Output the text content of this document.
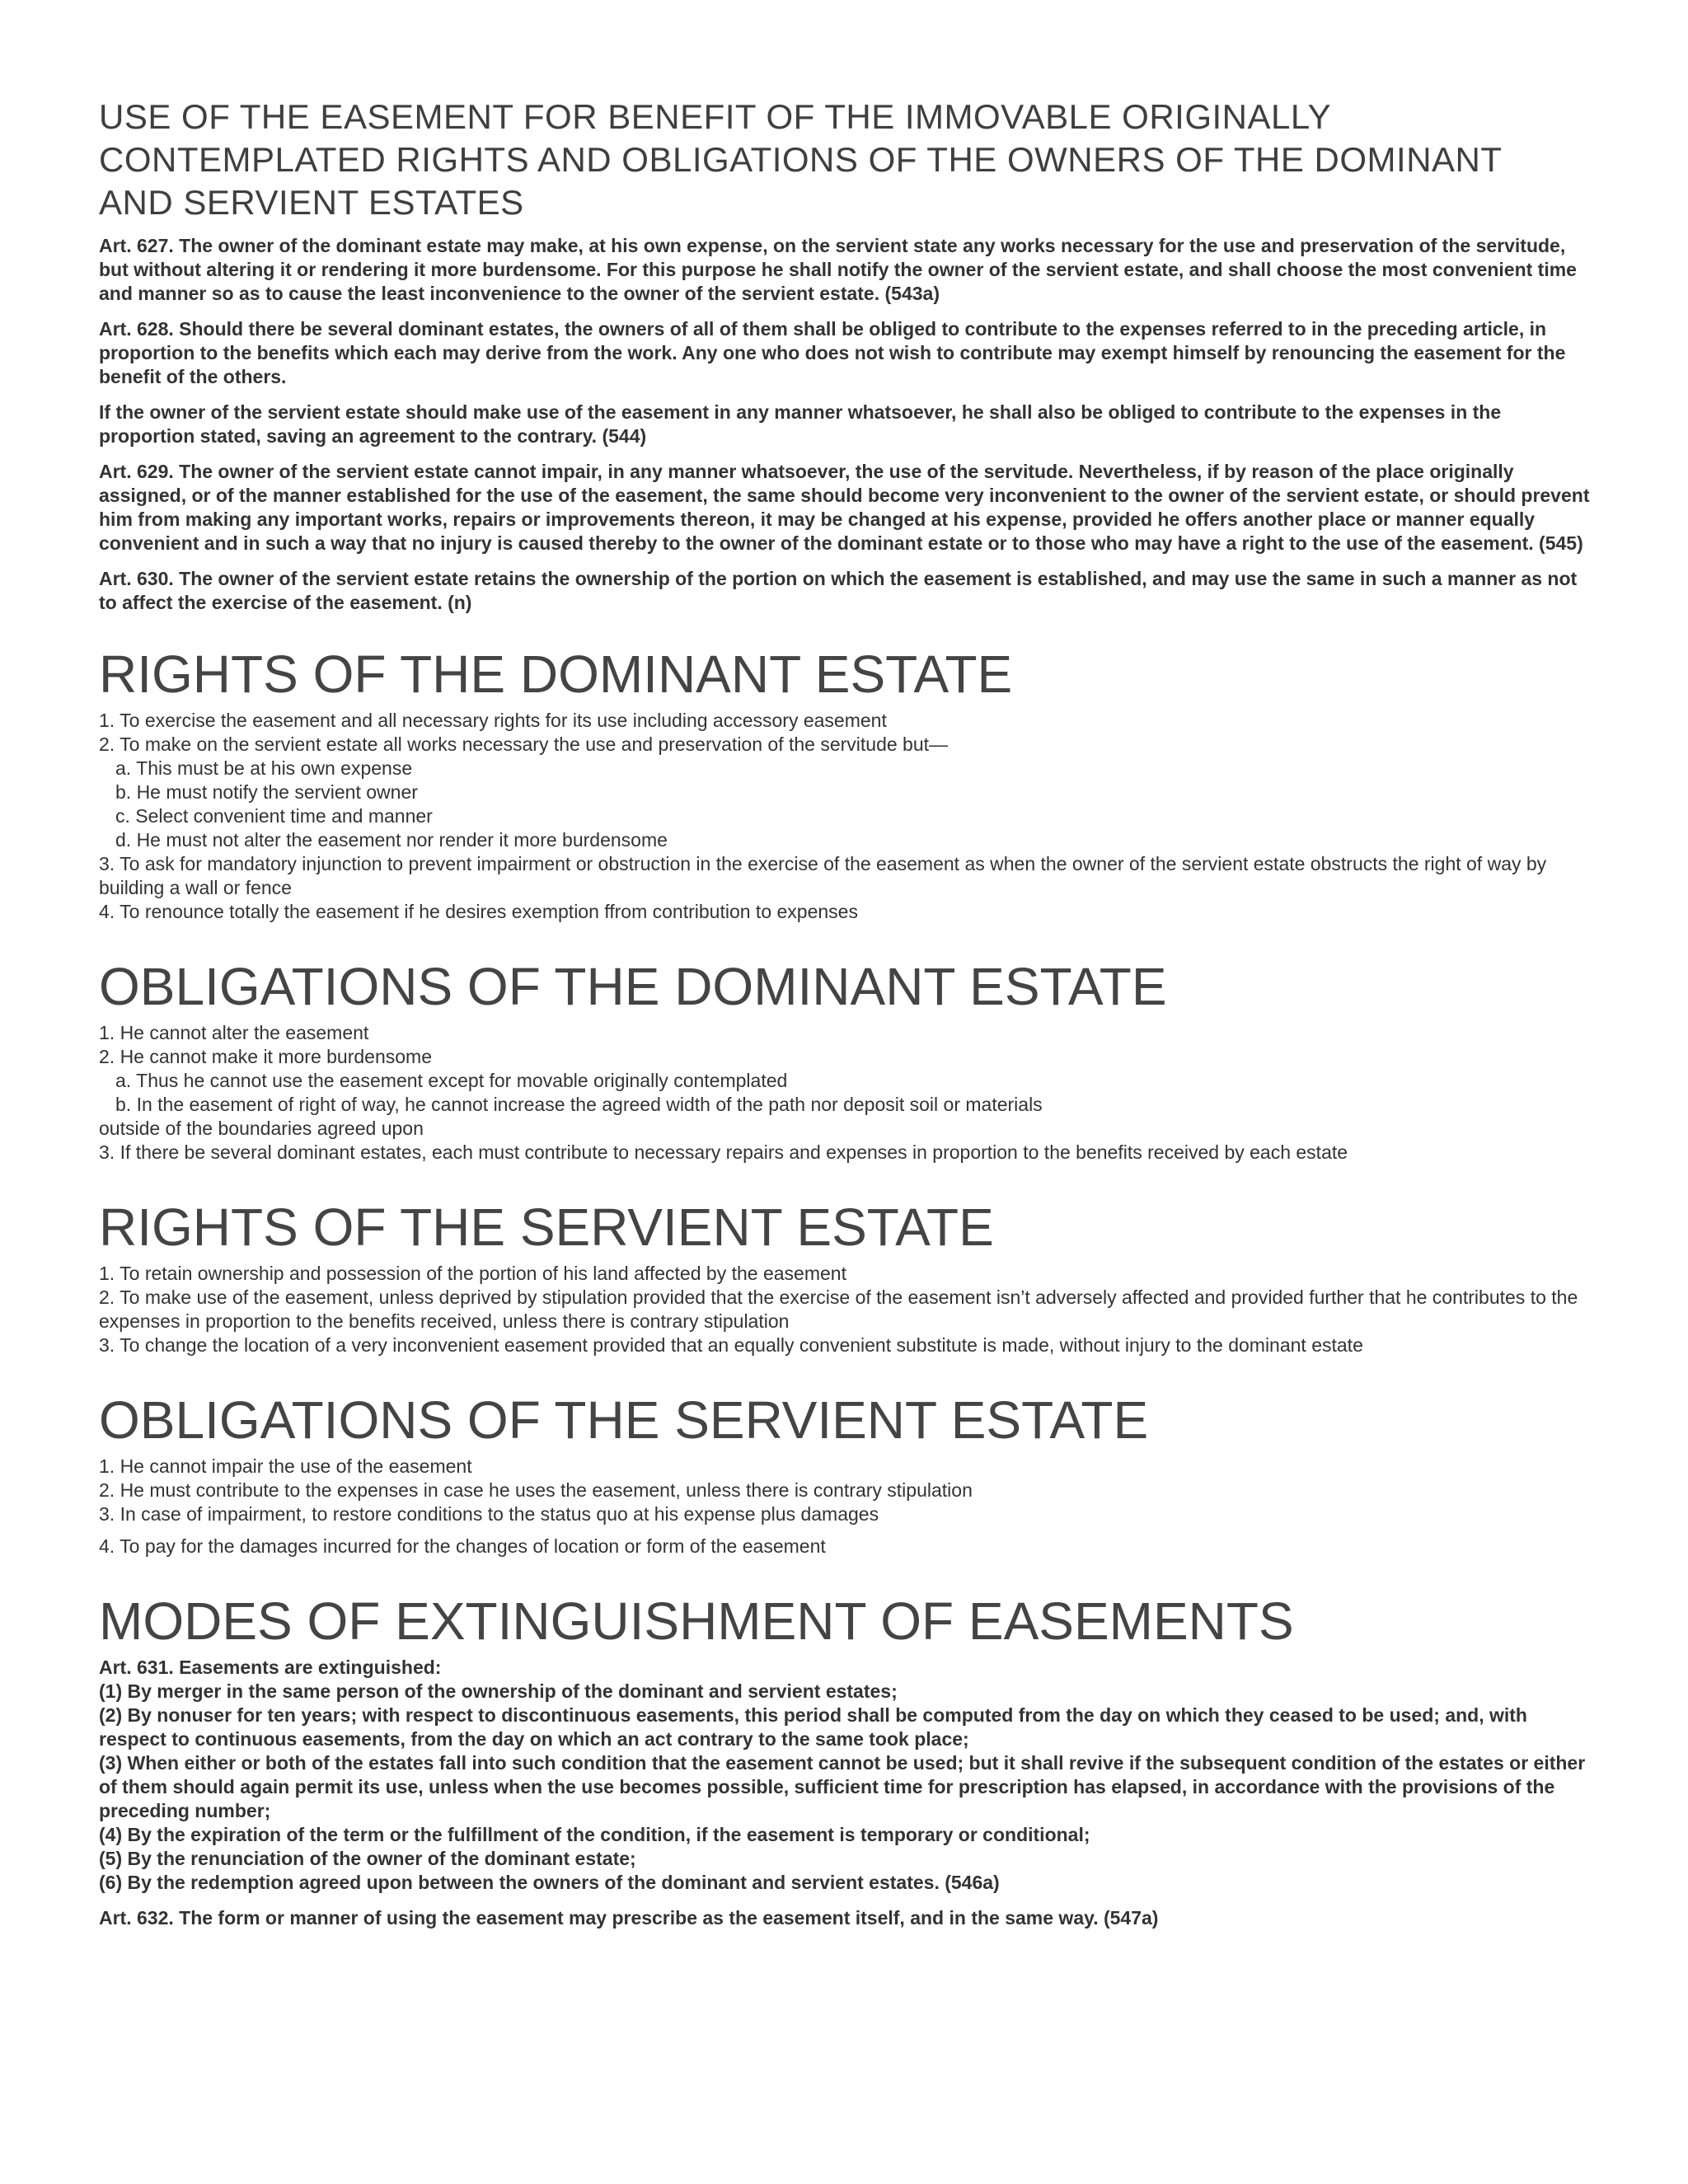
USE OF THE EASEMENT FOR BENEFIT OF THE IMMOVABLE ORIGINALLY
CONTEMPLATED RIGHTS AND OBLIGATIONS OF THE OWNERS OF THE DOMINANT
AND SERVIENT ESTATES

Art. 627. The owner of the dominant estate may make, at his own expense, on the servient state any works necessary for the use and preservation of the servitude, but without altering it or rendering it more burdensome. For this purpose he shall notify the owner of the servient estate, and shall choose the most convenient time and manner so as to cause the least inconvenience to the owner of the servient estate. (543a)

Art. 628. Should there be several dominant estates, the owners of all of them shall be obliged to contribute to the expenses referred to in the preceding article, in proportion to the benefits which each may derive from the work. Any one who does not wish to contribute may exempt himself by renouncing the easement for the benefit of the others.

If the owner of the servient estate should make use of the easement in any manner whatsoever, he shall also be obliged to contribute to the expenses in the proportion stated, saving an agreement to the contrary. (544)

Art. 629. The owner of the servient estate cannot impair, in any manner whatsoever, the use of the servitude. Nevertheless, if by reason of the place originally assigned, or of the manner established for the use of the easement, the same should become very inconvenient to the owner of the servient estate, or should prevent him from making any important works, repairs or improvements thereon, it may be changed at his expense, provided he offers another place or manner equally convenient and in such a way that no injury is caused thereby to the owner of the dominant estate or to those who may have a right to the use of the easement. (545)

Art. 630. The owner of the servient estate retains the ownership of the portion on which the easement is established, and may use the same in such a manner as not to affect the exercise of the easement. (n)

RIGHTS OF THE DOMINANT ESTATE
1. To exercise the easement and all necessary rights for its use including accessory easement
2. To make on the servient estate all works necessary the use and preservation of the servitude but—
a. This must be at his own expense
b. He must notify the servient owner
c. Select convenient time and manner
d. He must not alter the easement nor render it more burdensome
3. To ask for mandatory injunction to prevent impairment or obstruction in the exercise of the easement as when the owner of the servient estate obstructs the right of way by building a wall or fence
4. To renounce totally the easement if he desires exemption ffrom contribution to expenses
OBLIGATIONS OF THE DOMINANT ESTATE
1. He cannot alter the easement
2. He cannot make it more burdensome
a. Thus he cannot use the easement except for movable originally contemplated
b. In the easement of right of way, he cannot increase the agreed width of the path nor deposit soil or materials
outside of the boundaries agreed upon
3. If there be several dominant estates, each must contribute to necessary repairs and expenses in proportion to the benefits received by each estate
RIGHTS OF THE SERVIENT ESTATE
1. To retain ownership and possession of the portion of his land affected by the easement
2. To make use of the easement, unless deprived by stipulation provided that the exercise of the easement isn’t adversely affected and provided further that he contributes to the expenses in proportion to the benefits received, unless there is contrary stipulation
3. To change the location of a very inconvenient easement provided that an equally convenient substitute is made, without injury to the dominant estate
OBLIGATIONS OF THE SERVIENT ESTATE
1. He cannot impair the use of the easement
2. He must contribute to the expenses in case he uses the easement, unless there is contrary stipulation
3. In case of impairment, to restore conditions to the status quo at his expense plus damages
4. To pay for the damages incurred for the changes of location or form of the easement
MODES OF EXTINGUISHMENT OF EASEMENTS
Art. 631. Easements are extinguished:
(1) By merger in the same person of the ownership of the dominant and servient estates;
(2) By nonuser for ten years; with respect to discontinuous easements, this period shall be computed from the day on which they ceased to be used; and, with respect to continuous easements, from the day on which an act contrary to the same took place;
(3) When either or both of the estates fall into such condition that the easement cannot be used; but it shall revive if the subsequent condition of the estates or either of them should again permit its use, unless when the use becomes possible, sufficient time for prescription has elapsed, in accordance with the provisions of the preceding number;
(4) By the expiration of the term or the fulfillment of the condition, if the easement is temporary or conditional;
(5) By the renunciation of the owner of the dominant estate;
(6) By the redemption agreed upon between the owners of the dominant and servient estates. (546a)

Art. 632. The form or manner of using the easement may prescribe as the easement itself, and in the same way. (547a)
